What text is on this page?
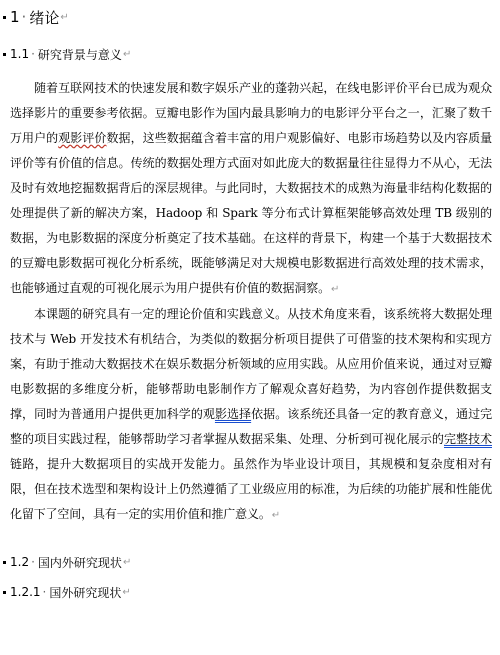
1 · 绪论 ↵
1.1 · 研究背景与意义 ↵

随着互联网技术的快速发展和数字娱乐产业的蓬勃兴起，在线电影评价平台已成为观众选择影片的重要参考依据。豆瓣电影作为国内最具影响力的电影评分平台之一，汇聚了数千万用户的观影评价数据，这些数据蕴含着丰富的用户观影偏好、电影市场趋势以及内容质量评价等有价值的信息。传统的数据处理方式面对如此庞大的数据量往往显得力不从心，无法及时有效地挖掘数据背后的深层规律。与此同时，大数据技术的成熟为海量非结构化数据的处理提供了新的解决方案，Hadoop 和 Spark 等分布式计算框架能够高效处理 TB 级别的数据，为电影数据的深度分析奠定了技术基础。在这样的背景下，构建一个基于大数据技术的豆瓣电影数据可视化分析系统，既能够满足对大规模电影数据进行高效处理的技术需求，也能够通过直观的可视化展示为用户提供有价值的数据洞察。↵

本课题的研究具有一定的理论价值和实践意义。从技术角度来看，该系统将大数据处理技术与 Web 开发技术有机结合，为类似的数据分析项目提供了可借鉴的技术架构和实现方案，有助于推动大数据技术在娱乐数据分析领域的应用实践。从应用价值来说，通过对豆瓣电影数据的多维度分析，能够帮助电影制作方了解观众喜好趋势，为内容创作提供数据支撑，同时为普通用户提供更加科学的观影选择依据。该系统还具备一定的教育意义，通过完整的项目实践过程，能够帮助学习者掌握从数据采集、处理、分析到可视化展示的完整技术链路，提升大数据项目的实战开发能力。虽然作为毕业设计项目，其规模和复杂度相对有限，但在技术选型和架构设计上仍然遵循了工业级应用的标准，为后续的功能扩展和性能优化留下了空间，具有一定的实用价值和推广意义。↵

1.2 · 国内外研究现状 ↵
1.2.1 · 国外研究现状 ↵
